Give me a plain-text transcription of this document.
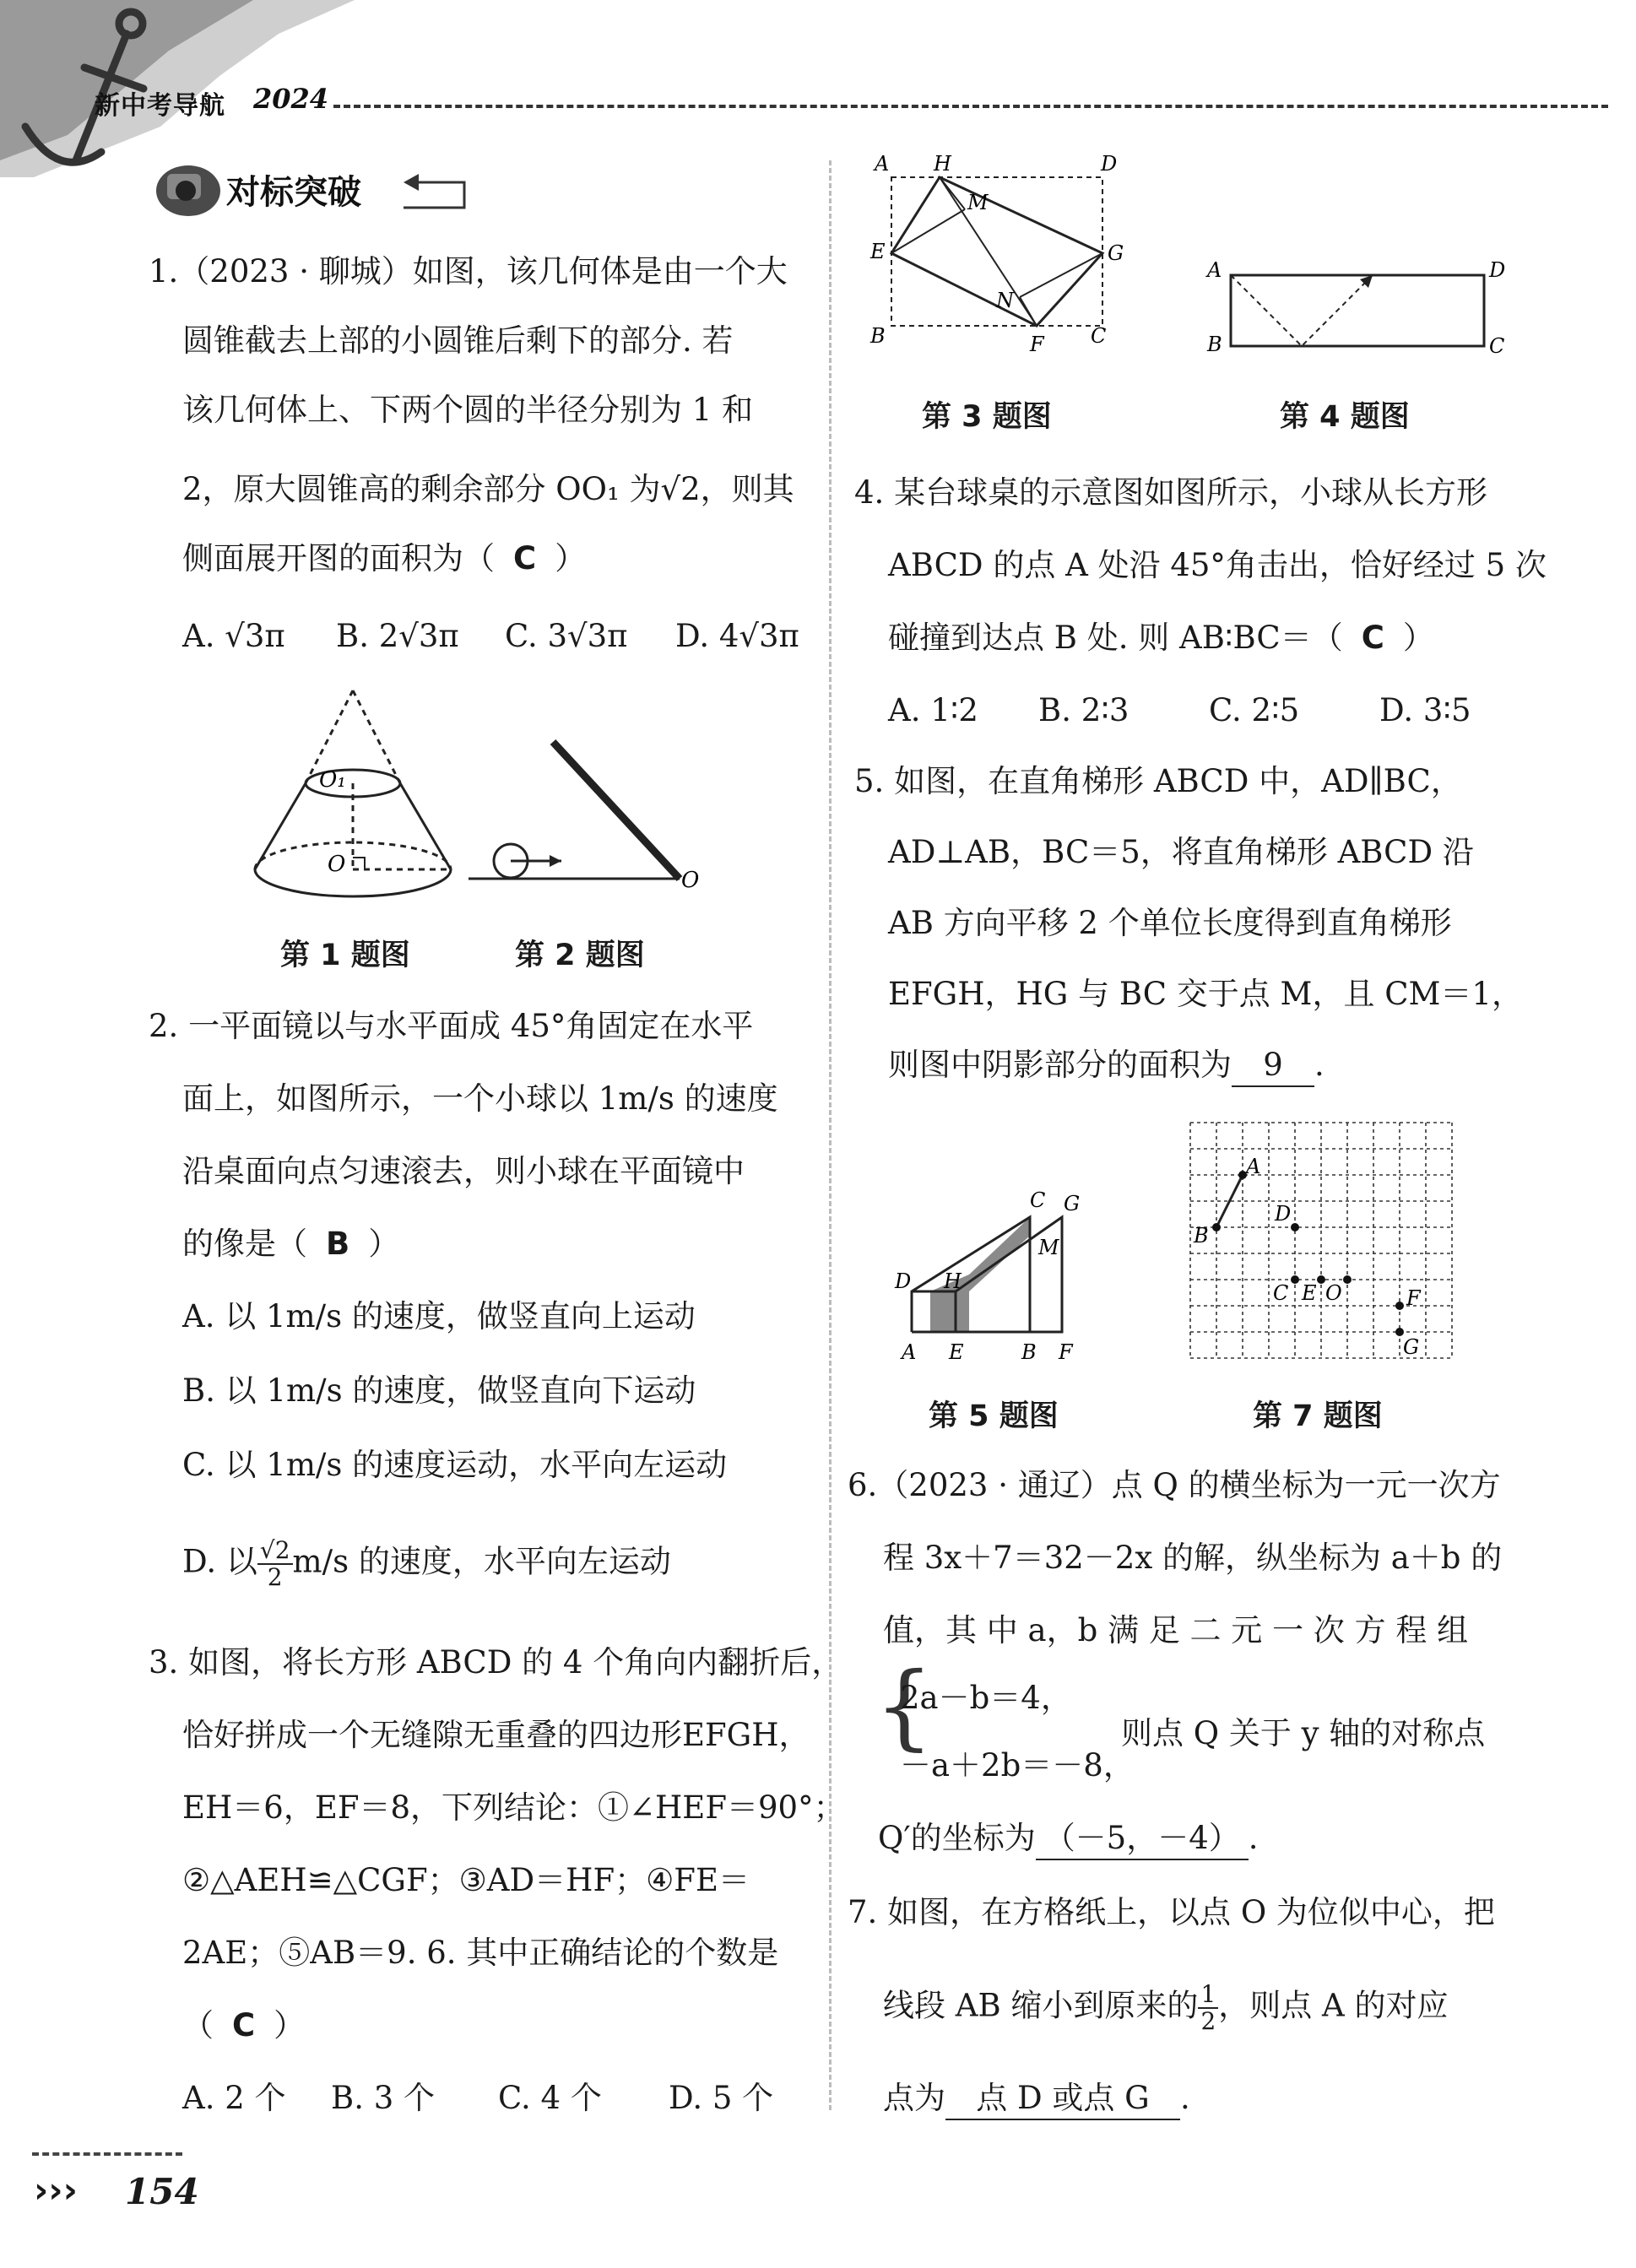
新中考导航 2024
对标突破
1.（2023 · 聊城）如图，该几何体是由一个大
圆锥截去上部的小圆锥后剩下的部分. 若
该几何体上、下两个圆的半径分别为 1 和
2，原大圆锥高的剩余部分 OO₁ 为√2，则其
侧面展开图的面积为（ C ）
A. √3π B. 2√3π C. 3√3π D. 4√3π
O₁
O
O
第 1 题图	第 2 题图
2. 一平面镜以与水平面成 45°角固定在水平
面上，如图所示，一个小球以 1m/s 的速度
沿桌面向点匀速滚去，则小球在平面镜中
的像是（ B ）
A. 以 1m/s 的速度，做竖直向上运动
B. 以 1m/s 的速度，做竖直向下运动
C. 以 1m/s 的速度运动，水平向左运动
D. 以 $\frac{√2}{2} m/s$ 的速度，水平向左运动
3. 如图，将长方形 ABCD 的 4 个角向内翻折后，
恰好拼成一个无缝隙无重叠的四边形EFGH，
EH＝6，EF＝8，下列结论：①∠HEF＝90°；
②△AEH≌△CGF；③AD＝HF；④FE＝
2AE；⑤AB＝9. 6. 其中正确结论的个数是
（ C ）
A. 2 个 B. 3 个 C. 4 个 D. 5 个
A H	D
M
E	G
N
B	F C
A	D
B	C
第 3 题图	第 4 题图
4. 某台球桌的示意图如图所示，小球从长方形
ABCD 的点 A 处沿 45°角击出，恰好经过 5 次
碰撞到达点 B 处. 则 AB∶BC＝（ C ）
A. 1∶2 B. 2∶3	C. 2∶5	D. 3∶5
5. 如图，在直角梯形 ABCD 中，AD∥BC，
AD⊥AB，BC＝5，将直角梯形 ABCD 沿
AB 方向平移 2 个单位长度得到直角梯形
EFGH，HG 与 BC 交于点 M，且 CM＝1，
则图中阴影部分的面积为 9 .
C G
M
D H
A E	B F
A
D
B
C E O	F
G
第 5 题图	第 7 题图
6.（2023 · 通辽）点 Q 的横坐标为一元一次方
程 3x＋7＝32－2x 的解，纵坐标为 a＋b 的
值，其 中 a，b 满 足 二 元 一 次 方 程 组
{
2a－b＝4，
－a＋2b＝－8，
则点 Q 关于 y 轴的对称点
Q′的坐标为 （－5，－4） .
7. 如图，在方格纸上，以点 O 为位似中心，把
线段 AB 缩小到原来的 $\frac{1}{2}$ ，则点 A 的对应
点为 点 D 或点 G .
››› 154
